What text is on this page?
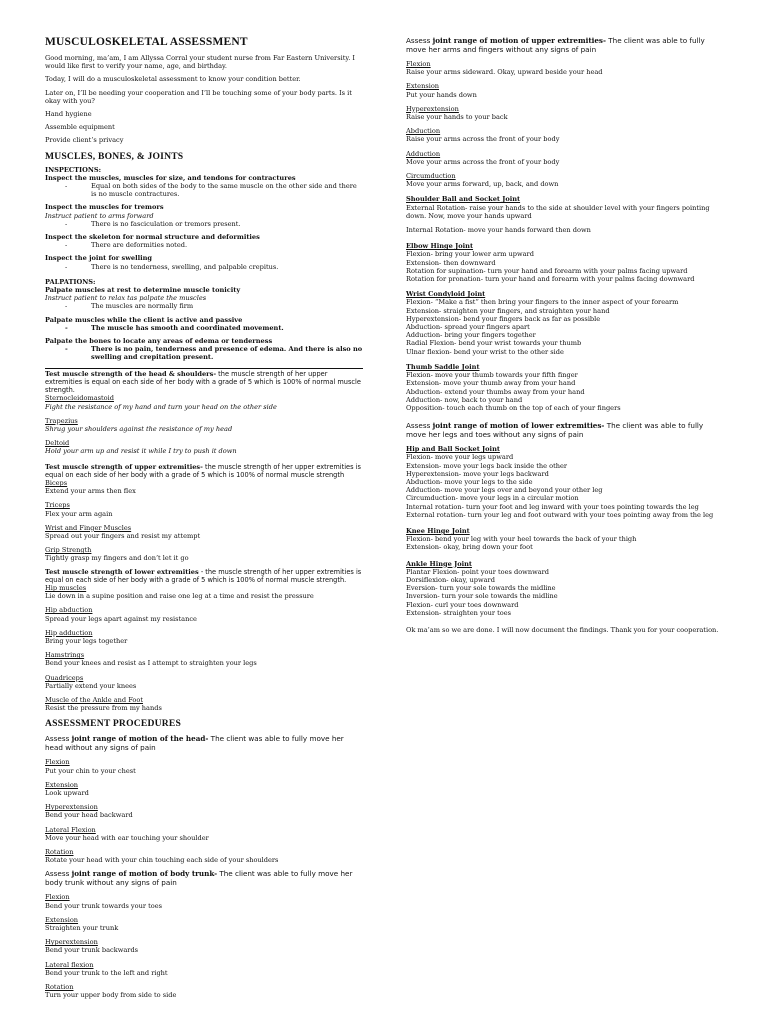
MUSCULOSKELETAL ASSESSMENT

Good morning, ma’am, I am Allyssa Corral your student nurse from Far Eastern University. I would like first to verify your name, age, and birthday.

Today, I will do a musculoskeletal assessment to know your condition better.

Later on, I’ll be needing your cooperation and I’ll be touching some of your body parts. Is it okay with you?

Hand hygiene

Assemble equipment

Provide client’s privacy

MUSCLES, BONES, & JOINTS
INSPECTIONS:
Inspect the muscles, muscles for size, and tendons for contractures
-	Equal on both sides of the body to the same muscle on the other side and there is no muscle contractures.
Inspect the muscles for tremors
Instruct patient to arms forward
-	There is no fasciculation or tremors present.
Inspect the skeleton for normal structure and deformities
-	There are deformities noted.
Inspect the joint for swelling
-	There is no tenderness, swelling, and palpable crepitus.
PALPATIONS:
Palpate muscles at rest to determine muscle tonicity
Instruct patient to relax tas palpate the muscles
-	The muscles are normally firm
Palpate muscles while the client is active and passive
-	The muscle has smooth and coordinated movement.
Palpate the bones to locate any areas of edema or tenderness
-	There is no pain, tenderness and presence of edema. And there is also no swelling and crepitation present.
Test muscle strength of the head & shoulders- the muscle strength of her upper extremities is equal on each side of her body with a grade of 5 which is 100% of normal muscle strength.
Sternocleidomastoid
Fight the resistance of my hand and turn your head on the other side
Trapezius
Shrug your shoulders against the resistance of my head
Deltoid
Hold your arm up and resist it while I try to push it down
Test muscle strength of upper extremities- the muscle strength of her upper extremities is equal on each side of her body with a grade of 5 which is 100% of normal muscle strength
Biceps
Extend your arms then flex
Triceps
Flex your arm again
Wrist and Finger Muscles
Spread out your fingers and resist my attempt
Grip Strength
Tightly grasp my fingers and don’t let it go
Test muscle strength of lower extremities - the muscle strength of her upper extremities is equal on each side of her body with a grade of 5 which is 100% of normal muscle strength.
Hip muscles
Lie down in a supine position and raise one leg at a time and resist the pressure
Hip abduction
Spread your legs apart against my resistance
Hip adduction
Bring your legs together
Hamstrings
Bend your knees and resist as I attempt to straighten your legs
Quadriceps
Partially extend your knees
Muscle of the Ankle and Foot
Resist the pressure from my hands
ASSESSMENT PROCEDURES
Assess joint range of motion of the head- The client was able to fully move her head without any signs of pain
Flexion
Put your chin to your chest
Extension
Look upward
Hyperextension
Bend your head backward
Lateral Flexion
Move your head with ear touching your shoulder
Rotation
Rotate your head with your chin touching each side of your shoulders
Assess joint range of motion of body trunk- The client was able to fully move her body trunk without any signs of pain
Flexion
Bend your trunk towards your toes
Extension
Straighten your trunk
Hyperextension
Bend your trunk backwards
Lateral flexion
Bend your trunk to the left and right
Rotation
Turn your upper body from side to side
Assess joint range of motion of upper extremities- The client was able to fully move her arms and fingers without any signs of pain
Flexion
Raise your arms sideward. Okay, upward beside your head
Extension
Put your hands down
Hyperextension
Raise your hands to your back
Abduction
Raise your arms across the front of your body
Adduction
Move your arms across the front of your body
Circumduction
Move your arms forward, up, back, and down
Shoulder Ball and Socket Joint
External Rotation- raise your hands to the side at shoulder level with your fingers pointing down. Now, move your hands upward
Internal Rotation- move your hands forward then down
Elbow Hinge Joint
Flexion- bring your lower arm upward
Extension- then downward
Rotation for supination- turn your hand and forearm with your palms facing upward
Rotation for pronation- turn your hand and forearm with your palms facing downward
Wrist Condyloid Joint
Flexion- “Make a fist” then bring your fingers to the inner aspect of your forearm
Extension- straighten your fingers, and straighten your hand
Hyperextension- bend your fingers back as far as possible
Abduction- spread your fingers apart
Adduction- bring your fingers together
Radial Flexion- bend your wrist towards your thumb
Ulnar flexion- bend your wrist to the other side
Thumb Saddle Joint
Flexion- move your thumb towards your fifth finger
Extension- move your thumb away from your hand
Abduction- extend your thumbs away from your hand
Adduction- now, back to your hand
Opposition- touch each thumb on the top of each of your fingers
Assess joint range of motion of lower extremities- The client was able to fully move her legs and toes without any signs of pain
Hip and Ball Socket Joint
Flexion- move your legs upward
Extension- move your legs back inside the other
Hyperextension- move your legs backward
Abduction- move your legs to the side
Adduction- move your legs over and beyond your other leg
Circumduction- move your legs in a circular motion
Internal rotation- turn your foot and leg inward with your toes pointing towards the leg
External rotation- turn your leg and foot outward with your toes pointing away from the leg
Knee Hinge Joint
Flexion- bend your leg with your heel towards the back of your thigh
Extension- okay, bring down your foot
Ankle Hinge Joint
Plantar Flexion- point your toes downward
Dorsiflexion- okay, upward
Eversion- turn your sole towards the midline
Inversion- turn your sole towards the midline
Flexion- curl your toes downward
Extension- straighten your toes

Ok ma’am so we are done. I will now document the findings. Thank you for your cooperation.
